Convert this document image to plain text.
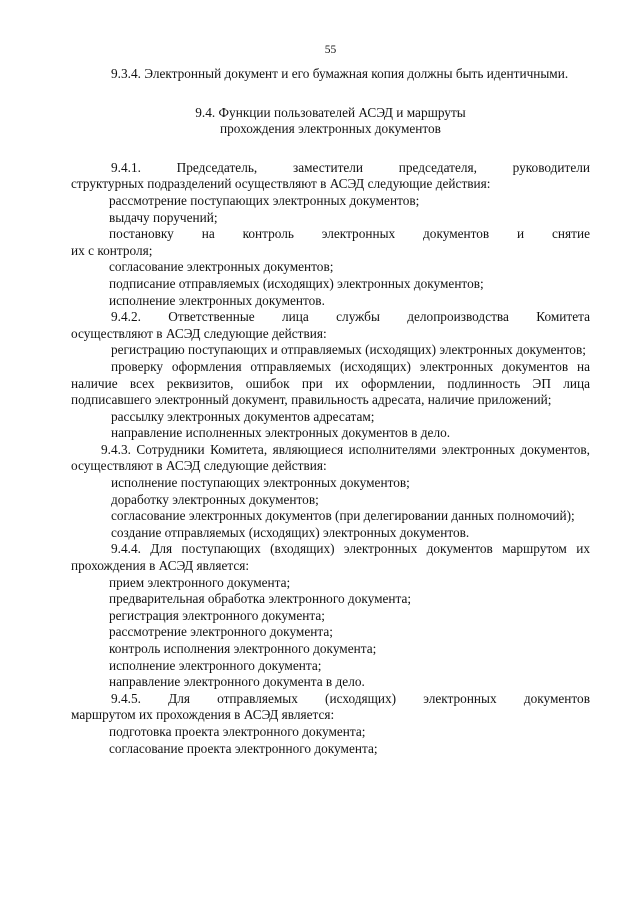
55

9.3.4. Электронный документ и его бумажная копия должны быть идентичными.

9.4. Функции пользователей АСЭД и маршруты
прохождения электронных документов

9.4.1. Председатель, заместители председателя, руководители

структурных подразделений осуществляют в АСЭД следующие действия:

рассмотрение поступающих электронных документов;

выдачу поручений;

постановку на контроль электронных документов и снятие

их с контроля;

согласование электронных документов;

подписание отправляемых (исходящих) электронных документов;

исполнение электронных документов.

9.4.2. Ответственные лица службы делопроизводства Комитета

осуществляют в АСЭД следующие действия:

регистрацию поступающих и отправляемых (исходящих) электронных документов;

проверку оформления отправляемых (исходящих) электронных документов на наличие всех реквизитов, ошибок при их оформлении, подлинность ЭП лица подписавшего электронный документ, правильность адресата, наличие приложений;

рассылку электронных документов адресатам;

направление исполненных электронных документов в дело.

9.4.3. Сотрудники Комитета, являющиеся исполнителями электронных документов, осуществляют в АСЭД следующие действия:

исполнение поступающих электронных документов;

доработку электронных документов;

согласование электронных документов (при делегировании данных полномочий);

создание отправляемых (исходящих) электронных документов.

9.4.4. Для поступающих (входящих) электронных документов маршрутом их прохождения в АСЭД является:

прием электронного документа;

предварительная обработка электронного документа;

регистрация электронного документа;

рассмотрение электронного документа;

контроль исполнения электронного документа;

исполнение электронного документа;

направление электронного документа в дело.

9.4.5. Для отправляемых (исходящих) электронных документов

маршрутом их прохождения в АСЭД является:

подготовка проекта электронного документа;

согласование проекта электронного документа;
